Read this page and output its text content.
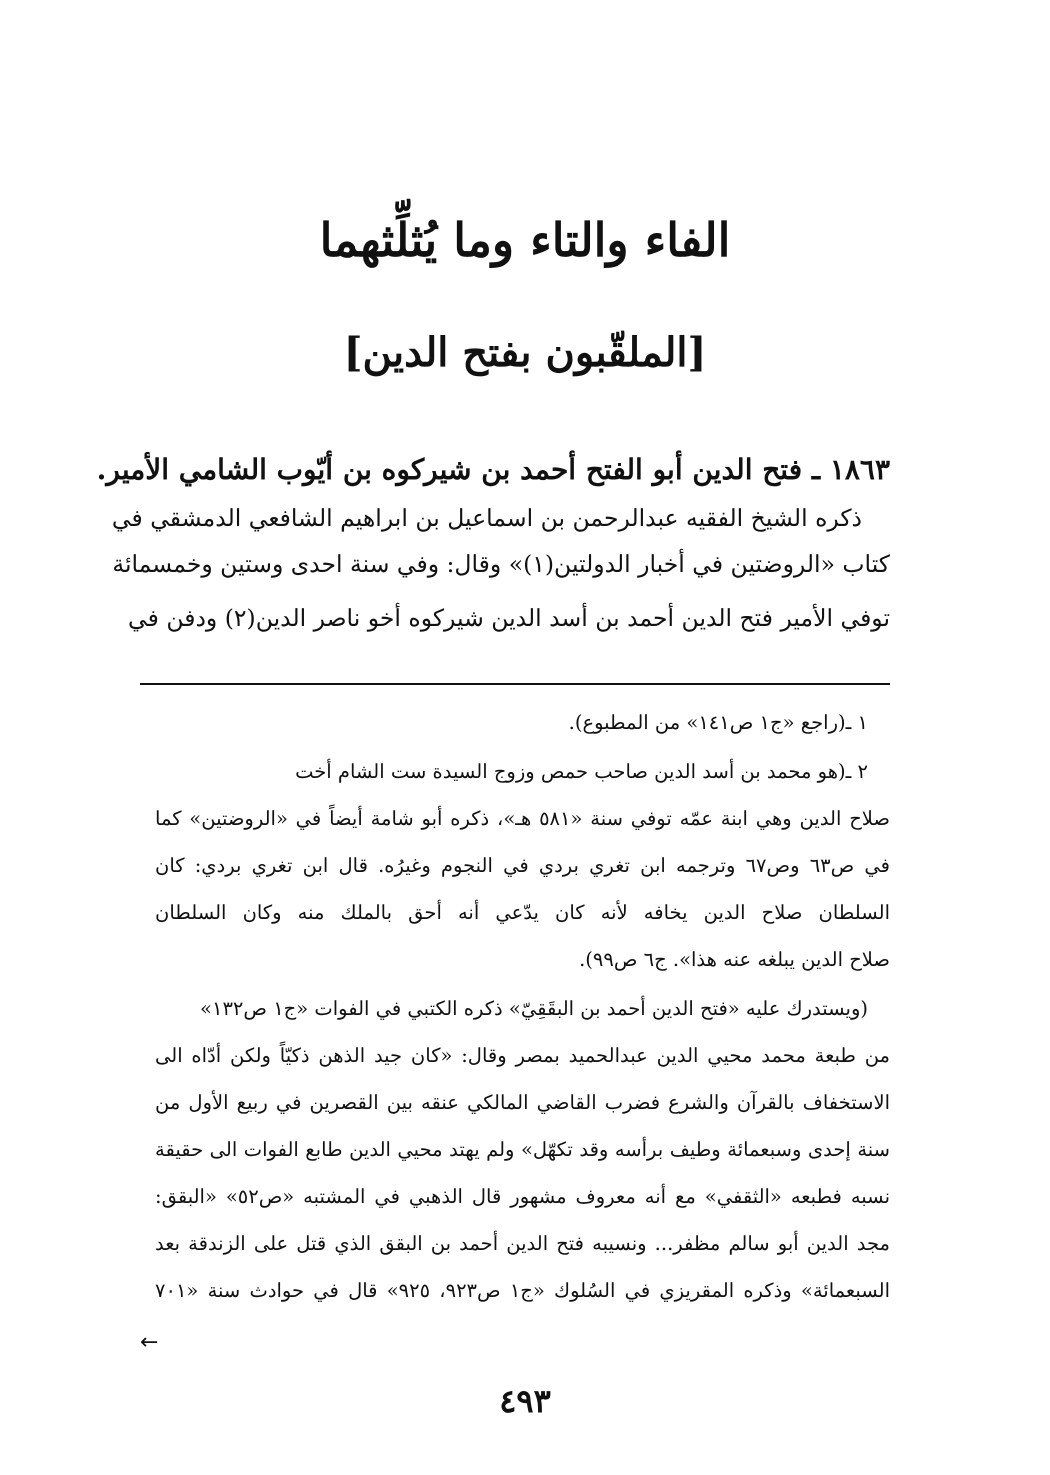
الفاء والتاء وما يُثلِّثهما
[الملقّبون بفتح الدين]

١٨٦٣ ـ فتح الدين أبو الفتح أحمد بن شيركوه بن أيّوب الشامي الأمير.

ذكره الشيخ الفقيه عبدالرحمن بن اسماعيل بن ابراهيم الشافعي الدمشقي في

كتاب «الروضتين في أخبار الدولتين(١)» وقال: وفي سنة احدى وستين وخمسمائة

توفي الأمير فتح الدين أحمد بن أسد الدين شيركوه أخو ناصر الدين(٢) ودفن في

١ ـ(راجع «ج١ ص١٤١» من المطبوع).

٢ ـ(هو محمد بن أسد الدين صاحب حمص وزوج السيدة ست الشام أخت

صلاح الدين وهي ابنة عمّه توفي سنة «٥٨١ هـ»، ذكره أبو شامة أيضاً في «الروضتين» كما

في ص٦٣ وص٦٧ وترجمه ابن تغري بردي في النجوم وغيرُه. قال ابن تغري بردي: كان

السلطان صلاح الدين يخافه لأنه كان يدّعي أنه أحق بالملك منه وكان السلطان

صلاح الدين يبلغه عنه هذا». ج٦ ص٩٩).

(ويستدرك عليه «فتح الدين أحمد بن البقَقِيّ» ذكره الكتبي في الفوات «ج١ ص١٣٢»

من طبعة محمد محيي الدين عبدالحميد بمصر وقال: «كان جيد الذهن ذكيّاً ولكن أدّاه الى

الاستخفاف بالقرآن والشرع فضرب القاضي المالكي عنقه بين القصرين في ربيع الأول من

سنة إحدى وسبعمائة وطيف برأسه وقد تكهّل» ولم يهتد محيي الدين طابع الفوات الى حقيقة

نسبه فطبعه «الثقفي» مع أنه معروف مشهور قال الذهبي في المشتبه «ص٥٢» «البقق:

مجد الدين أبو سالم مظفر... ونسيبه فتح الدين أحمد بن البقق الذي قتل على الزندقة بعد

السبعمائة» وذكره المقريزي في السُلوك «ج١ ص٩٢٣، ٩٢٥» قال في حوادث سنة «٧٠١

←
٤٩٣
